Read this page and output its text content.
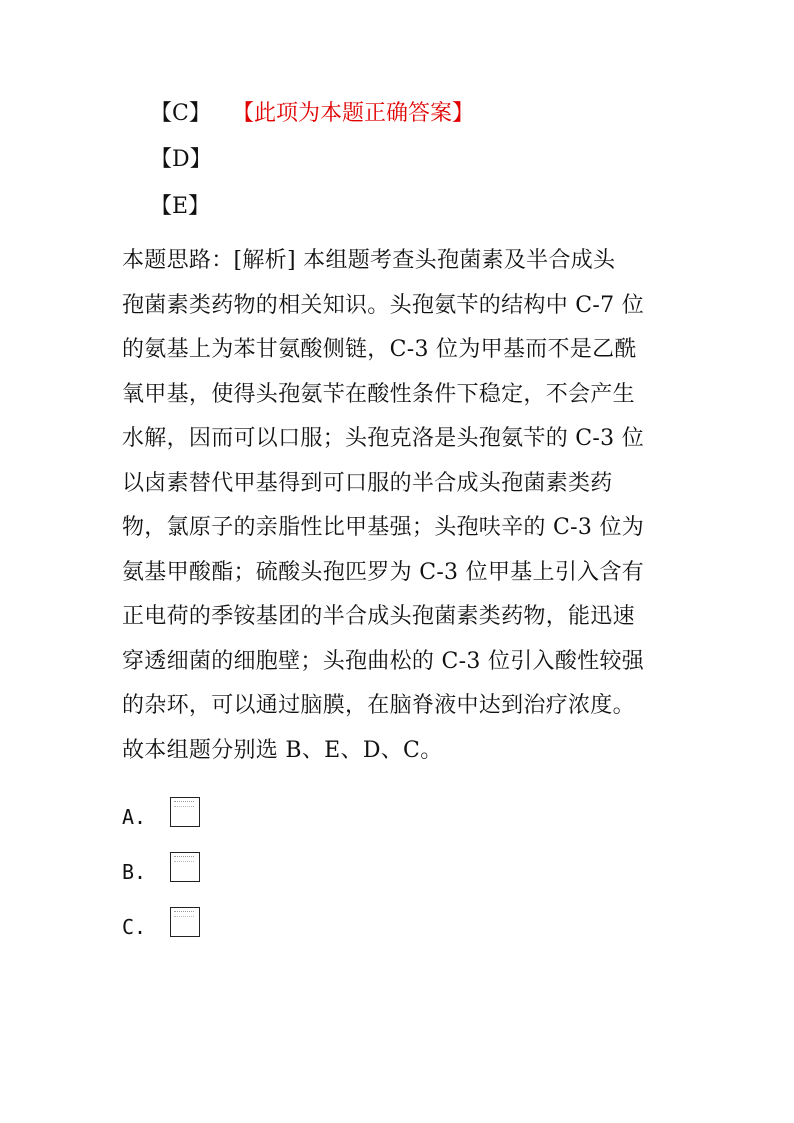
【C】 【此项为本题正确答案】
【D】
【E】
本题思路：[解析] 本组题考查头孢菌素及半合成头
孢菌素类药物的相关知识。头孢氨苄的结构中 C-7 位
的氨基上为苯甘氨酸侧链，C-3 位为甲基而不是乙酰
氧甲基，使得头孢氨苄在酸性条件下稳定，不会产生
水解，因而可以口服；头孢克洛是头孢氨苄的 C-3 位
以卤素替代甲基得到可口服的半合成头孢菌素类药
物，氯原子的亲脂性比甲基强；头孢呋辛的 C-3 位为
氨基甲酸酯；硫酸头孢匹罗为 C-3 位甲基上引入含有
正电荷的季铵基团的半合成头孢菌素类药物，能迅速
穿透细菌的细胞壁；头孢曲松的 C-3 位引入酸性较强
的杂环，可以通过脑膜，在脑脊液中达到治疗浓度。
故本组题分别选 B、E、D、C。
A.
B.
C.
